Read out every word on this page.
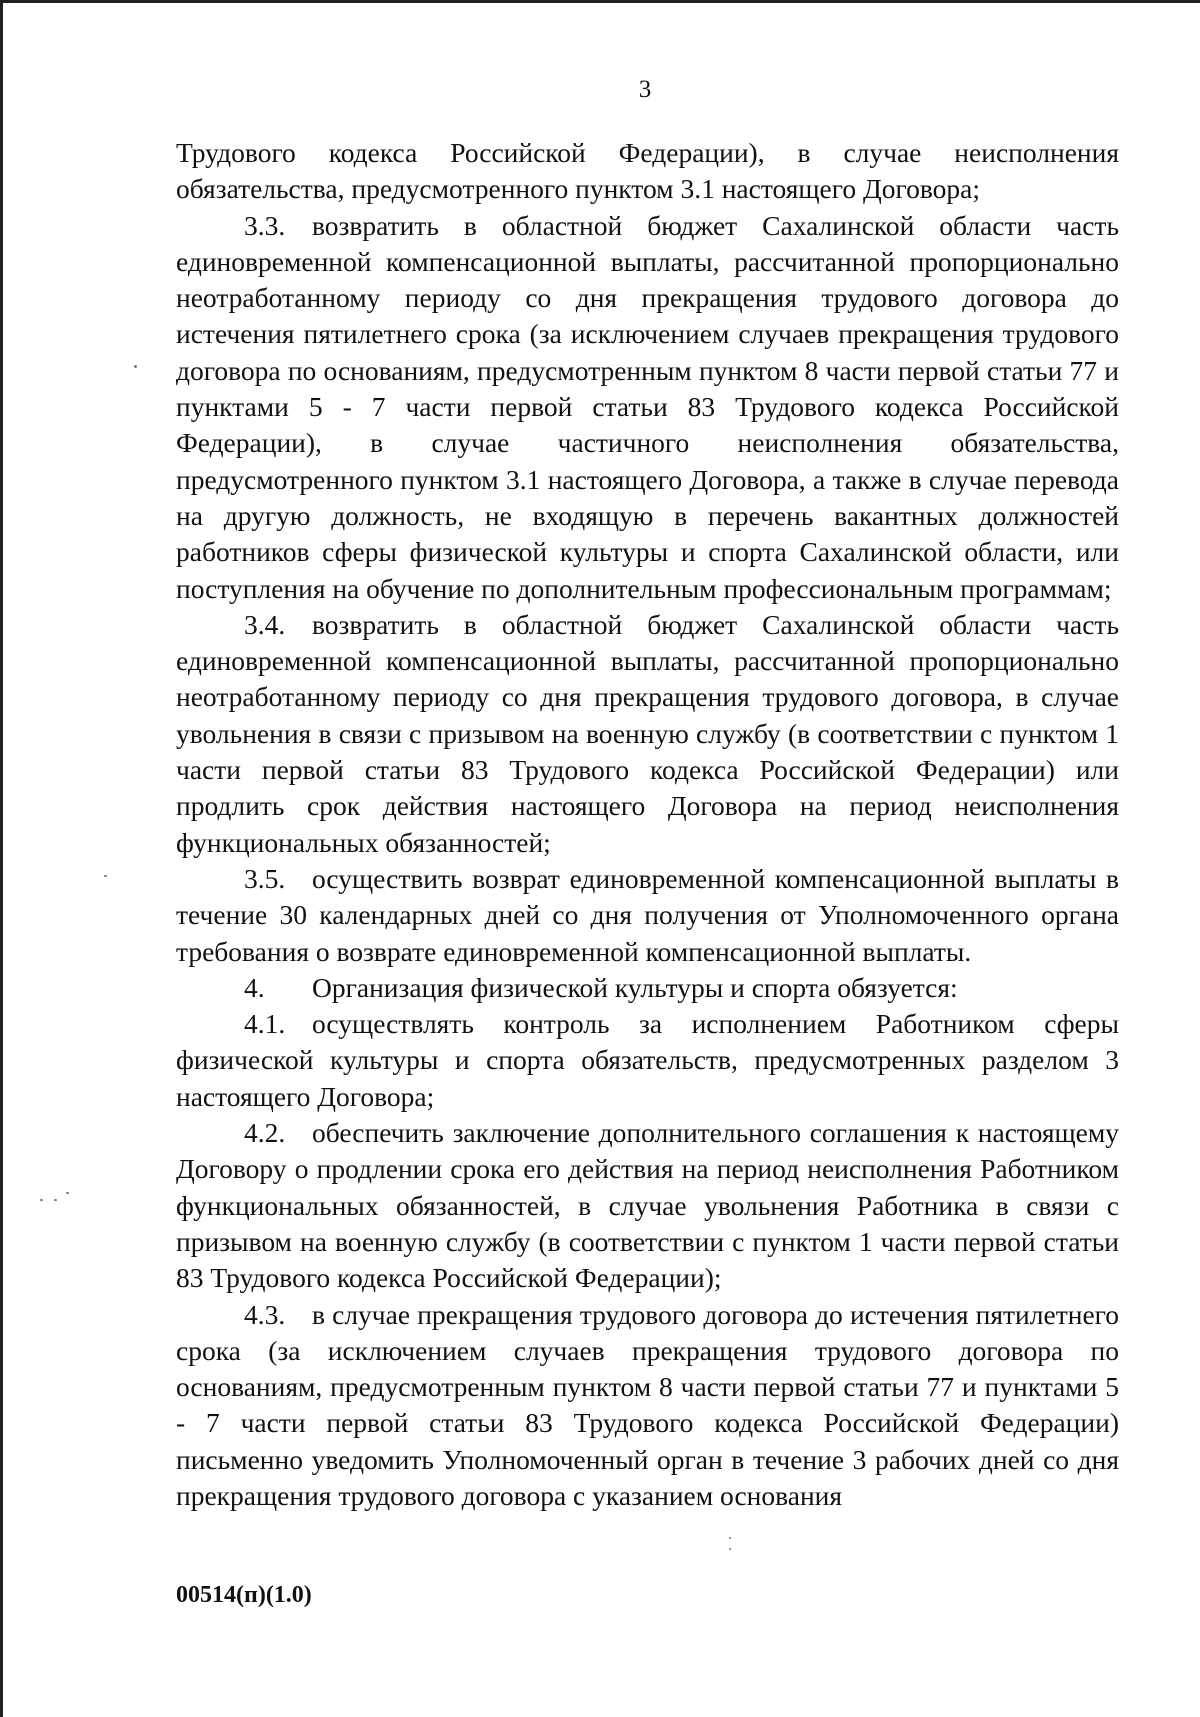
3

Трудового кодекса Российской Федерации), в случае неисполнения обязательства, предусмотренного пунктом 3.1 настоящего Договора;

3.3. возвратить в областной бюджет Сахалинской области часть единовременной компенсационной выплаты, рассчитанной пропорционально неотработанному периоду со дня прекращения трудового договора до истечения пятилетнего срока (за исключением случаев прекращения трудового договора по основаниям, предусмотренным пунктом 8 части первой статьи 77 и пунктами 5 - 7 части первой статьи 83 Трудового кодекса Российской Федерации), в случае частичного неисполнения обязательства, предусмотренного пунктом 3.1 настоящего Договора, а также в случае перевода на другую должность, не входящую в перечень вакантных должностей работников сферы физической культуры и спорта Сахалинской области, или поступления на обучение по дополнительным профессиональным программам;

3.4. возвратить в областной бюджет Сахалинской области часть единовременной компенсационной выплаты, рассчитанной пропорционально неотработанному периоду со дня прекращения трудового договора, в случае увольнения в связи с призывом на военную службу (в соответствии с пунктом 1 части первой статьи 83 Трудового кодекса Российской Федерации) или продлить срок действия настоящего Договора на период неисполнения функциональных обязанностей;

3.5. осуществить возврат единовременной компенсационной выплаты в течение 30 календарных дней со дня получения от Уполномоченного органа требования о возврате единовременной компенсационной выплаты.

4. Организация физической культуры и спорта обязуется:

4.1. осуществлять контроль за исполнением Работником сферы физической культуры и спорта обязательств, предусмотренных разделом 3 настоящего Договора;

4.2. обеспечить заключение дополнительного соглашения к настоящему Договору о продлении срока его действия на период неисполнения Работником функциональных обязанностей, в случае увольнения Работника в связи с призывом на военную службу (в соответствии с пунктом 1 части первой статьи 83 Трудового кодекса Российской Федерации);

4.3. в случае прекращения трудового договора до истечения пятилетнего срока (за исключением случаев прекращения трудового договора по основаниям, предусмотренным пунктом 8 части первой статьи 77 и пунктами 5 - 7 части первой статьи 83 Трудового кодекса Российской Федерации) письменно уведомить Уполномоченный орган в течение 3 рабочих дней со дня прекращения трудового договора с указанием основания

00514(п)(1.0)
